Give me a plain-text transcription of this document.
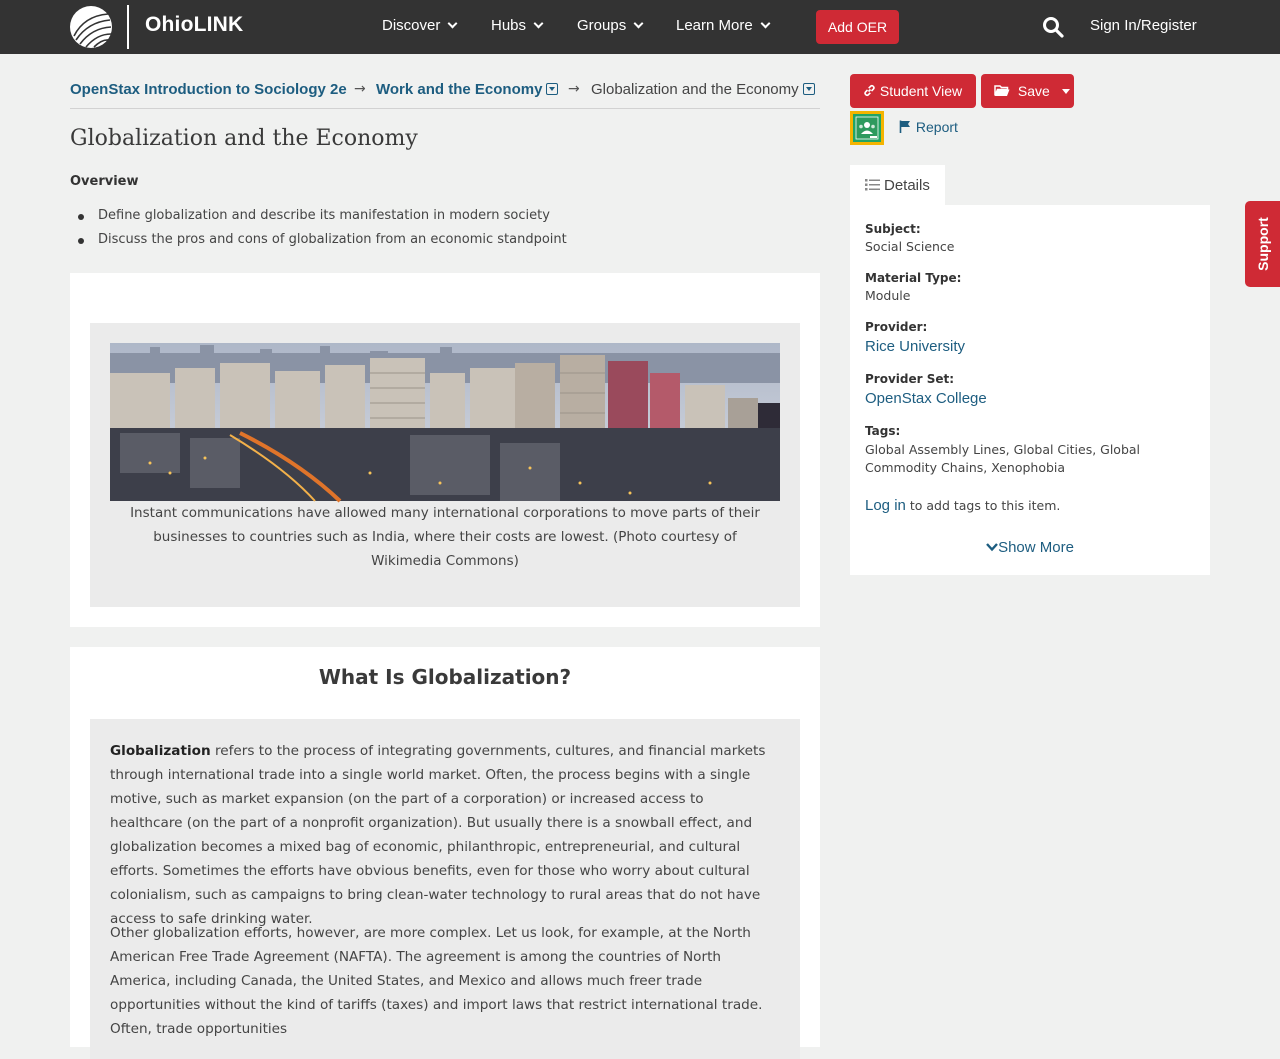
OhioLINK	Discover	Hubs	Groups	Learn More	Add OER	Sign In/Register
OpenStax Introduction to Sociology 2e → Work and the Economy	→ Globalization and the Economy
Globalization and the Economy
Overview
Define globalization and describe its manifestation in modern society
Discuss the pros and cons of globalization from an economic standpoint
Instant communications have allowed many international corporations to move parts of their businesses to countries such as India, where their costs are lowest. (Photo courtesy of Wikimedia Commons)
What Is Globalization?

Globalization refers to the process of integrating governments, cultures, and financial markets through international trade into a single world market. Often, the process begins with a single motive, such as market expansion (on the part of a corporation) or increased access to healthcare (on the part of a nonprofit organization). But usually there is a snowball effect, and globalization becomes a mixed bag of economic, philanthropic, entrepreneurial, and cultural efforts. Sometimes the efforts have obvious benefits, even for those who worry about cultural colonialism, such as campaigns to bring clean-water technology to rural areas that do not have access to safe drinking water.

Other globalization efforts, however, are more complex. Let us look, for example, at the North American Free Trade Agreement (NAFTA). The agreement is among the countries of North America, including Canada, the United States, and Mexico and allows much freer trade opportunities without the kind of tariffs (taxes) and import laws that restrict international trade. Often, trade opportunities

Student View	Save
Report
Details
Subject:
Social Science
Material Type:
Module
Provider:
Rice University
Provider Set:
OpenStax College
Tags:
Global Assembly Lines, Global Cities, Global Commodity Chains, Xenophobia
Log in to add tags to this item.
Show More
Support
